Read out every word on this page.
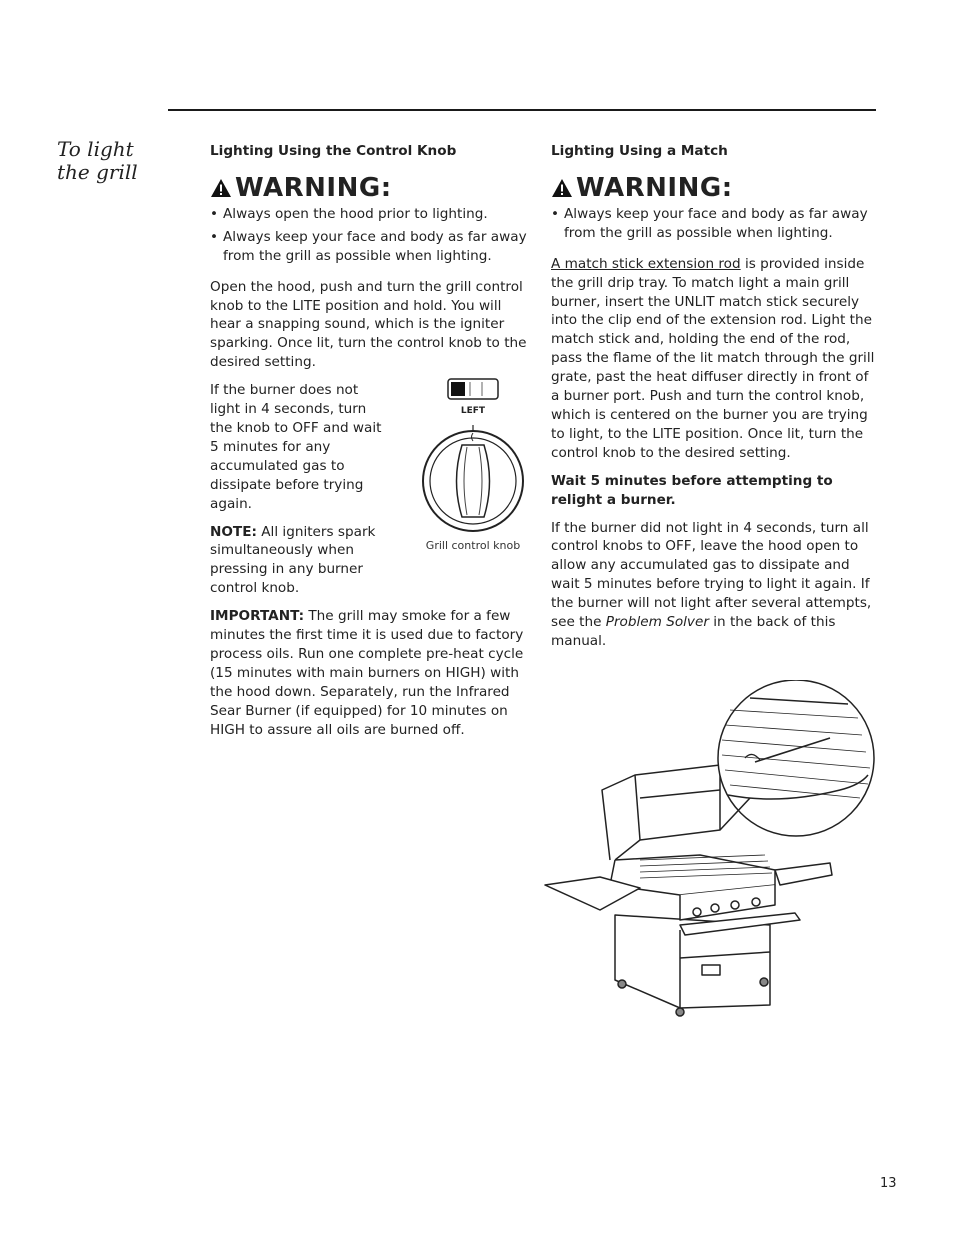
To light the grill
Lighting Using the Control Knob
WARNING:
• Always open the hood prior to lighting.
• Always keep your face and body as far away from the grill as possible when lighting.

Open the hood, push and turn the grill control knob to the LITE position and hold. You will hear a snapping sound, which is the igniter sparking. Once lit, turn the control knob to the desired setting.

If the burner does not light in 4 seconds, turn the knob to OFF and wait 5 minutes for any accumulated gas to dissipate before trying again.

NOTE: All igniters spark simultaneously when pressing in any burner control knob.

IMPORTANT: The grill may smoke for a few minutes the first time it is used due to factory process oils. Run one complete pre-heat cycle (15 minutes with main burners on HIGH) with the hood down. Separately, run the Infrared Sear Burner (if equipped) for 10 minutes on HIGH to assure all oils are burned off.

LEFT
Grill control knob
Lighting Using a Match
WARNING:
• Always keep your face and body as far away from the grill as possible when lighting.

A match stick extension rod is provided inside the grill drip tray. To match light a main grill burner, insert the UNLIT match stick securely into the clip end of the extension rod. Light the match stick and, holding the end of the rod, pass the flame of the lit match through the grill grate, past the heat diffuser directly in front of a burner port. Push and turn the control knob, which is centered on the burner you are trying to light, to the LITE position. Once lit, turn the control knob to the desired setting.

Wait 5 minutes before attempting to relight a burner.

If the burner did not light in 4 seconds, turn all control knobs to OFF, leave the hood open to allow any accumulated gas to dissipate and wait 5 minutes before trying to light it again. If the burner will not light after several attempts, see the Problem Solver in the back of this manual.

13
